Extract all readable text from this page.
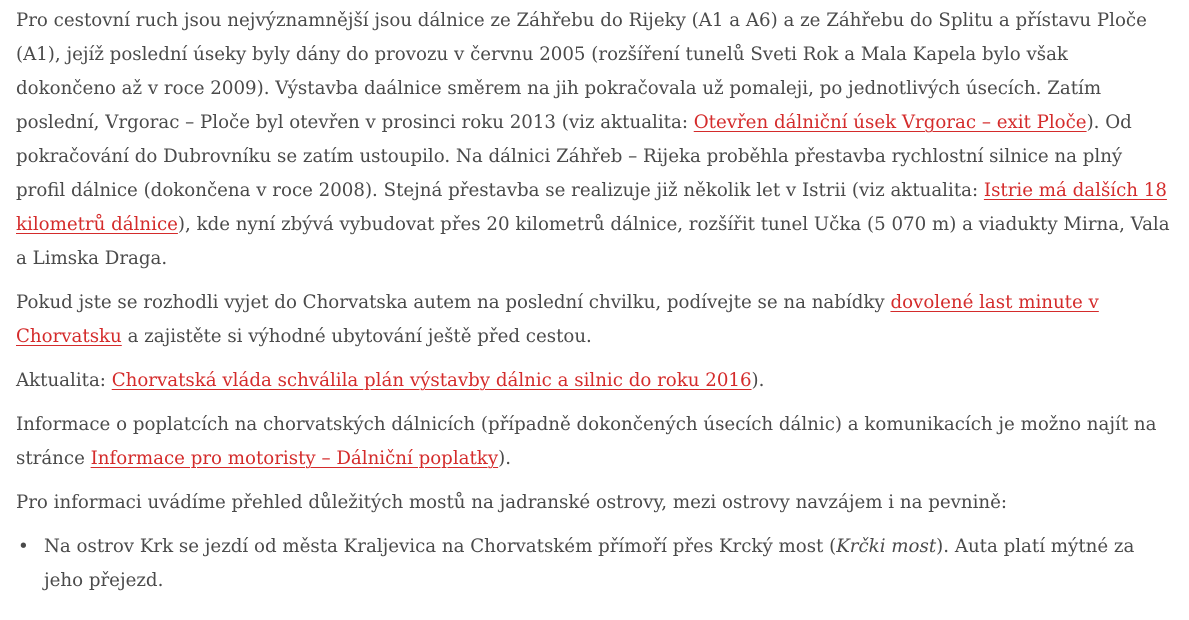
Pro cestovní ruch jsou nejvýznamnější jsou dálnice ze Záhřebu do Rijeky (A1 a A6) a ze Záhřebu do Splitu a přístavu Ploče (A1), jejíž poslední úseky byly dány do provozu v červnu 2005 (rozšíření tunelů Sveti Rok a Mala Kapela bylo však dokončeno až v roce 2009). Výstavba daálnice směrem na jih pokračovala už pomaleji, po jednotlivých úsecích. Zatím poslední, Vrgorac – Ploče byl otevřen v prosinci roku 2013 (viz aktualita: Otevřen dálniční úsek Vrgorac – exit Ploče). Od pokračování do Dubrovníku se zatím ustoupilo. Na dálnici Záhřeb – Rijeka proběhla přestavba rychlostní silnice na plný profil dálnice (dokončena v roce 2008). Stejná přestavba se realizuje již několik let v Istrii (viz aktualita: Istrie má dalších 18 kilometrů dálnice), kde nyní zbývá vybudovat přes 20 kilometrů dálnice, rozšířit tunel Učka (5 070 m) a viadukty Mirna, Vala a Limska Draga.

Pokud jste se rozhodli vyjet do Chorvatska autem na poslední chvilku, podívejte se na nabídky dovolené last minute v Chorvatsku a zajistěte si výhodné ubytování ještě před cestou.

Aktualita: Chorvatská vláda schválila plán výstavby dálnic a silnic do roku 2016).

Informace o poplatcích na chorvatských dálnicích (případně dokončených úsecích dálnic) a komunikacích je možno najít na stránce Informace pro motoristy – Dálniční poplatky).

Pro informaci uvádíme přehled důležitých mostů na jadranské ostrovy, mezi ostrovy navzájem i na pevnině:

• Na ostrov Krk se jezdí od města Kraljevica na Chorvatském přímoří přes Krcký most (Krčki most). Auta platí mýtné za jeho přejezd.
